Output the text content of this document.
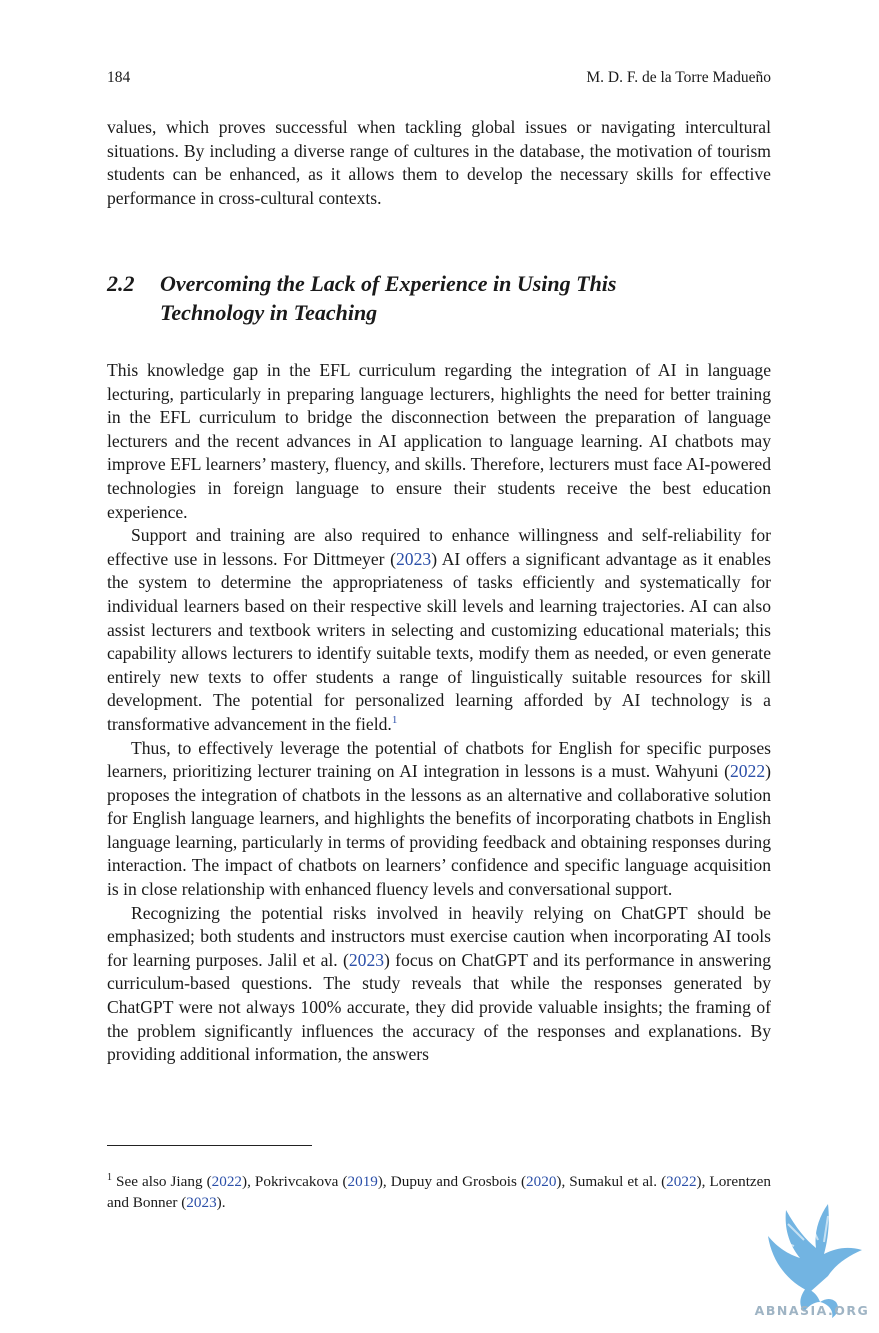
184	M. D. F. de la Torre Madueño

values, which proves successful when tackling global issues or navigating intercultural situations. By including a diverse range of cultures in the database, the motivation of tourism students can be enhanced, as it allows them to develop the necessary skills for effective performance in cross-cultural contexts.

2.2 Overcoming the Lack of Experience in Using This Technology in Teaching

This knowledge gap in the EFL curriculum regarding the integration of AI in language lecturing, particularly in preparing language lecturers, highlights the need for better training in the EFL curriculum to bridge the disconnection between the preparation of language lecturers and the recent advances in AI application to language learning. AI chatbots may improve EFL learners’ mastery, fluency, and skills. Therefore, lecturers must face AI-powered technologies in foreign language to ensure their students receive the best education experience.

Support and training are also required to enhance willingness and self-reliability for effective use in lessons. For Dittmeyer (2023) AI offers a significant advantage as it enables the system to determine the appropriateness of tasks efficiently and systematically for individual learners based on their respective skill levels and learning trajectories. AI can also assist lecturers and textbook writers in selecting and customizing educational materials; this capability allows lecturers to identify suitable texts, modify them as needed, or even generate entirely new texts to offer students a range of linguistically suitable resources for skill development. The potential for personalized learning afforded by AI technology is a transformative advancement in the field.$^1$

Thus, to effectively leverage the potential of chatbots for English for specific purposes learners, prioritizing lecturer training on AI integration in lessons is a must. Wahyuni (2022) proposes the integration of chatbots in the lessons as an alternative and collaborative solution for English language learners, and highlights the benefits of incorporating chatbots in English language learning, particularly in terms of providing feedback and obtaining responses during interaction. The impact of chatbots on learners’ confidence and specific language acquisition is in close relationship with enhanced fluency levels and conversational support.

Recognizing the potential risks involved in heavily relying on ChatGPT should be emphasized; both students and instructors must exercise caution when incorporating AI tools for learning purposes. Jalil et al. (2023) focus on ChatGPT and its performance in answering curriculum-based questions. The study reveals that while the responses generated by ChatGPT were not always 100% accurate, they did provide valuable insights; the framing of the problem significantly influences the accuracy of the responses and explanations. By providing additional information, the answers

$^1$ See also Jiang (2022), Pokrivcakova (2019), Dupuy and Grosbois (2020), Sumakul et al. (2022), Lorentzen and Bonner (2023).

ABNASIA.ORG
